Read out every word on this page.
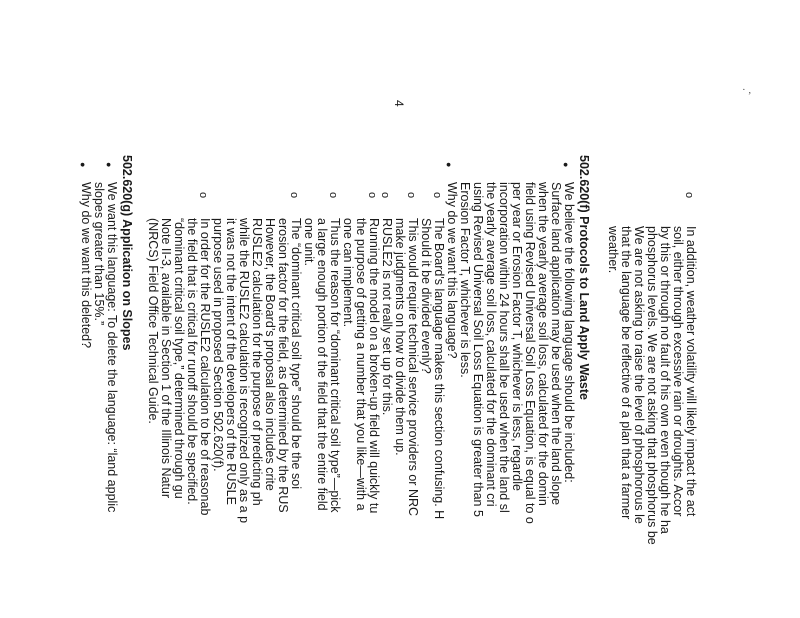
· ,
o
In addition, weather volatility will likely impact the act
soil, either through excessive rain or droughts. Accor
by this or through no fault of his own even though he ha
phosphorus levels. We are not asking that phosphorus be
We are not asking to raise the level of phosphorous le
that the language be reflective of a plan that a farmer
weather.
502.620(f) Protocols to Land Apply Waste
●
We believe the following language should be included:
Surface land application may be used when the land slope
when the yearly average soil loss, calculated for the domin
field using Revised Universal Soil Loss Equation, is equal to o
per year or Erosion Factor T, whichever is less, regardle
incorporation within 24 hours shall be used when the land sl
the yearly average soil loss, calculated for the dominant cri
using Revised Universal Soil Loss Equation is greater than 5
Erosion Factor T, whichever is less.
●
Why do we want this language?
o
The Board's language makes this section confusing. H
Should it be divided evenly?
o
This would require technical service providers or NRC
make judgments on how to divide them up.
o
RUSLE2 is not really set up for this.
o
Running the model on a broken-up field will quickly tu
the purpose of getting a number that you like—with a
one can implement.
o
Thus the reason for “dominant critical soil type”—pick
a large enough portion of the field that the entire field
one unit.
o
The “dominant critical soil type” should be the soi
erosion factor for the field, as determined by the RUS
However, the Board’s proposal also includes crite
RUSLE2 calculation for the purpose of predicting ph
while the RUSLE2 calculation is recognized only as a p
it was not the intent of the developers of the RUSLE
purpose used in proposed Section 502.620(f).
o
In order for the RUSLE2 calculation to be of reasonab
the field that is critical for runoff should be specified.
“dominant critical soil type,” determined through gu
Note II-3, available in Section 1 of the Illinois Natur
(NRCS) Field Office Technical Guide.
502.620(g) Application on Slopes
●
We want this language: To delete the language: “land applic
slopes greater than 15%.”
●
Why do we want this deleted?
4
